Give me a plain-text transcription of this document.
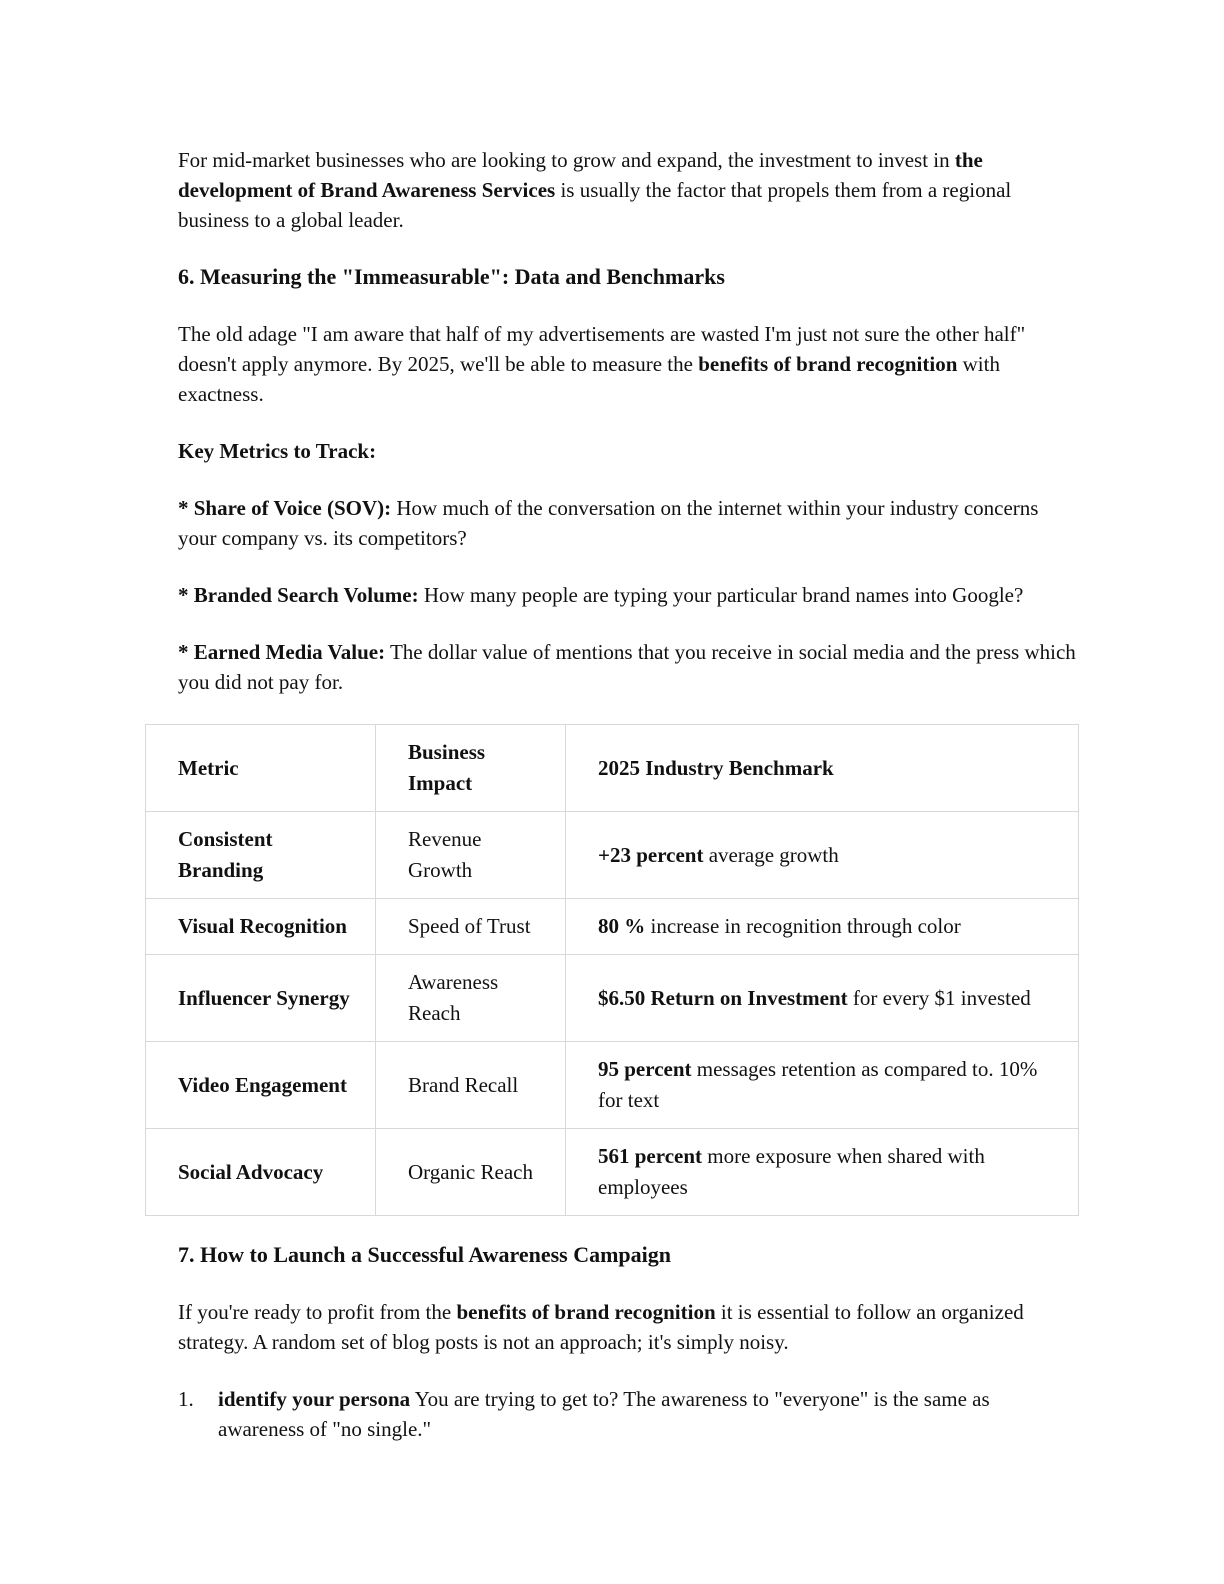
For mid-market businesses who are looking to grow and expand, the investment to invest in the development of Brand Awareness Services is usually the factor that propels them from a regional business to a global leader.

6. Measuring the "Immeasurable": Data and Benchmarks

The old adage "I am aware that half of my advertisements are wasted I'm just not sure the other half" doesn't apply anymore. By 2025, we'll be able to measure the benefits of brand recognition with exactness.

Key Metrics to Track:

* Share of Voice (SOV): How much of the conversation on the internet within your industry concerns your company vs. its competitors?

* Branded Search Volume: How many people are typing your particular brand names into Google?

* Earned Media Value: The dollar value of mentions that you receive in social media and the press which you did not pay for.

Metric	Business Impact	2025 Industry Benchmark
Consistent Branding	Revenue Growth	+23 percent average growth
Visual Recognition	Speed of Trust	80 % increase in recognition through color
Influencer Synergy	Awareness Reach	$6.50 Return on Investment for every $1 invested
Video Engagement	Brand Recall	95 percent messages retention as compared to. 10% for text
Social Advocacy	Organic Reach	561 percent more exposure when shared with employees
7. How to Launch a Successful Awareness Campaign

If you're ready to profit from the benefits of brand recognition it is essential to follow an organized strategy. A random set of blog posts is not an approach; it's simply noisy.

1.	identify your persona You are trying to get to? The awareness to "everyone" is the same as awareness of "no single."
